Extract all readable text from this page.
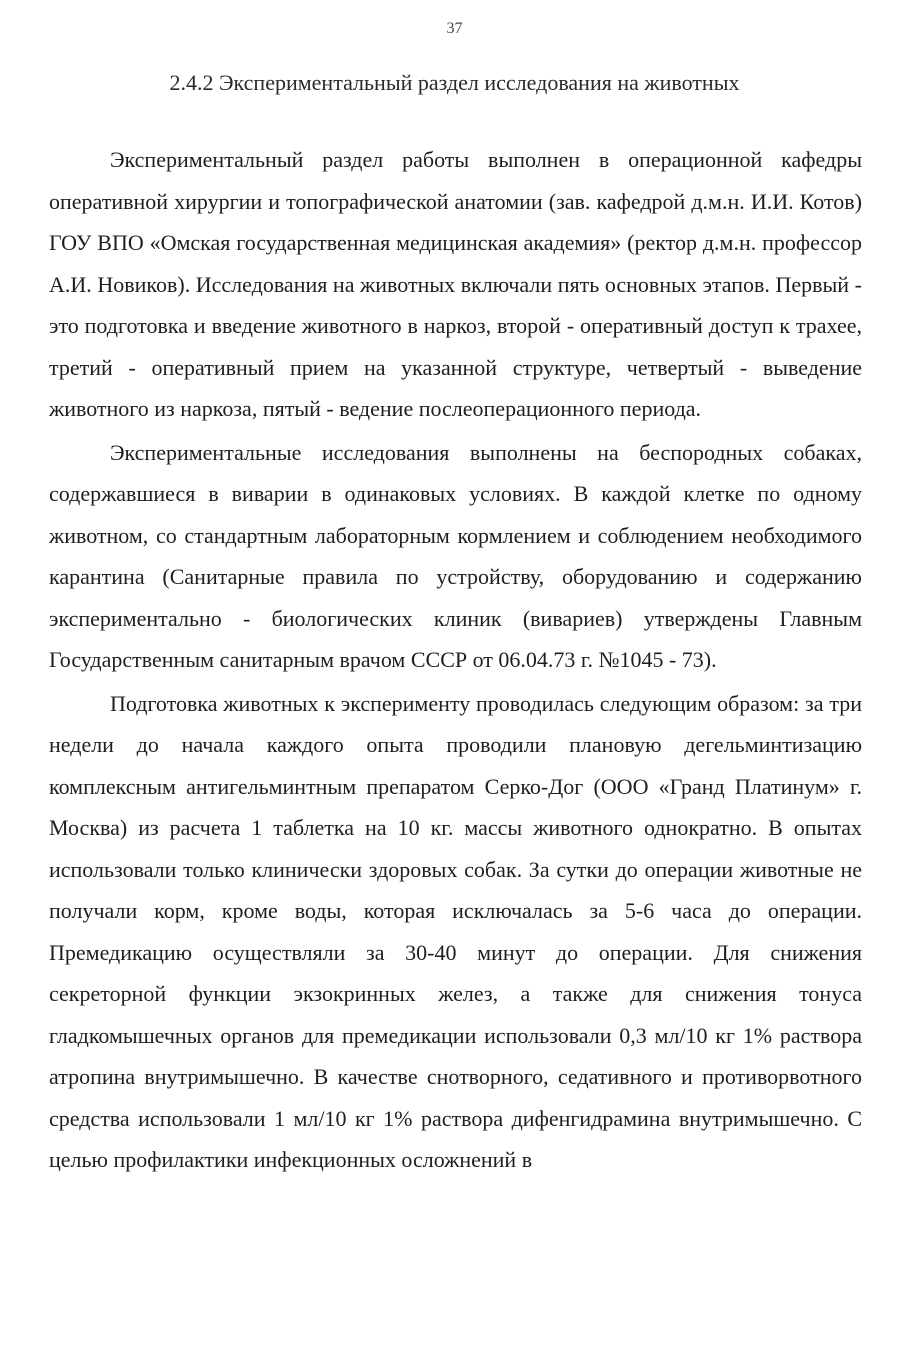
37
2.4.2 Экспериментальный раздел исследования на животных

Экспериментальный раздел работы выполнен в операционной кафедры оперативной хирургии и топографической анатомии (зав. кафедрой д.м.н. И.И. Котов) ГОУ ВПО «Омская государственная медицинская академия» (ректор д.м.н. профессор А.И. Новиков). Исследования на животных включали пять основных этапов. Первый - это подготовка и введение животного в наркоз, второй - оперативный доступ к трахее, третий - оперативный прием на указанной структуре, четвертый - выведение животного из наркоза, пятый - ведение послеоперационного периода.

Экспериментальные исследования выполнены на беспородных собаках, содержавшиеся в виварии в одинаковых условиях. В каждой клетке по одному животном, со стандартным лабораторным кормлением и соблюдением необходимого карантина (Санитарные правила по устройству, оборудованию и содержанию экспериментально - биологических клиник (вивариев) утверждены Главным Государственным санитарным врачом СССР от 06.04.73 г. №1045 - 73).

Подготовка животных к эксперименту проводилась следующим образом: за три недели до начала каждого опыта проводили плановую дегельминтизацию комплексным антигельминтным препаратом Серко-Дог (ООО «Гранд Платинум» г. Москва) из расчета 1 таблетка на 10 кг. массы животного однократно. В опытах использовали только клинически здоровых собак. За сутки до операции животные не получали корм, кроме воды, которая исключалась за 5-6 часа до операции. Премедикацию осуществляли за 30-40 минут до операции. Для снижения секреторной функции экзокринных желез, а также для снижения тонуса гладкомышечных органов для премедикации использовали 0,3 мл/10 кг 1% раствора атропина внутримышечно. В качестве снотворного, седативного и противорвотного средства использовали 1 мл/10 кг 1% раствора дифенгидрамина внутримышечно. С целью профилактики инфекционных осложнений в
